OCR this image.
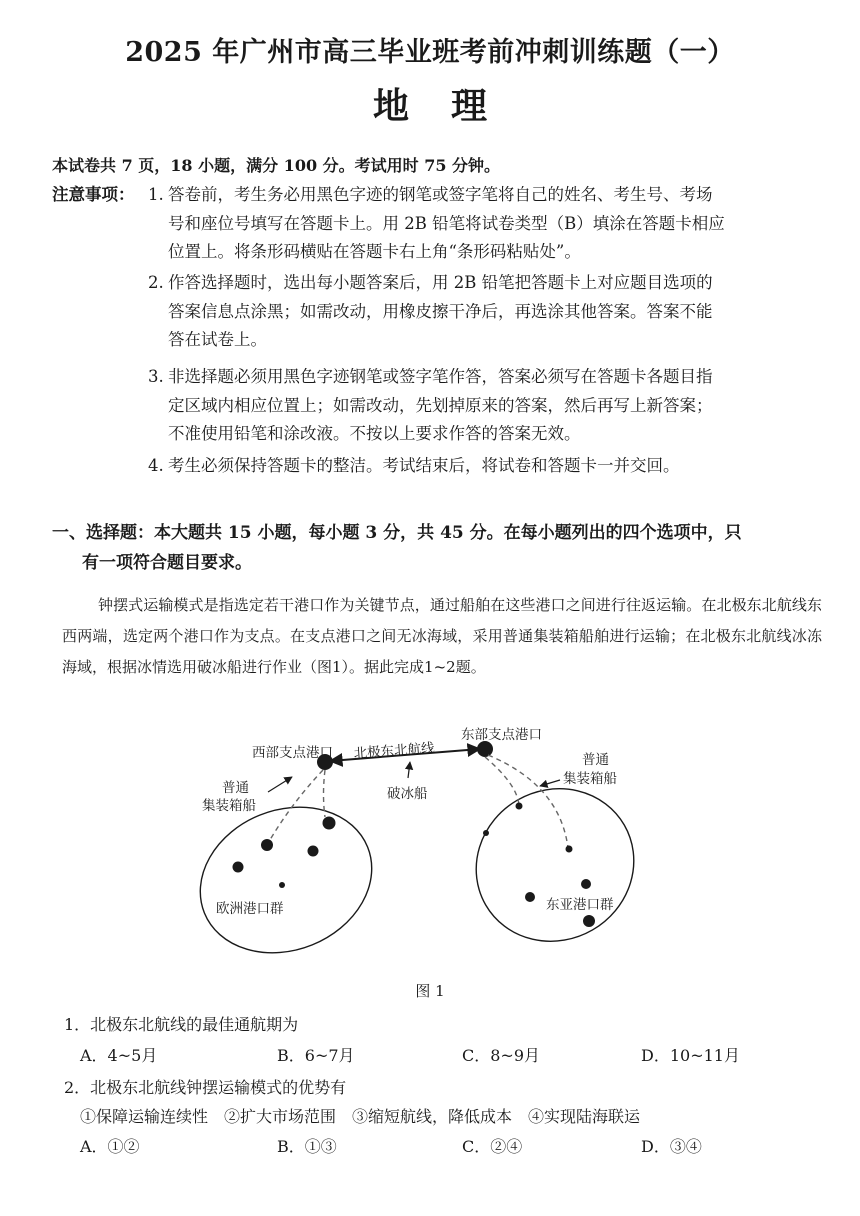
2025 年广州市高三毕业班考前冲刺训练题（一）
地理
本试卷共 7 页，18 小题，满分 100 分。考试用时 75 分钟。
注意事项： 1. 答卷前，考生务必用黑色字迹的钢笔或签字笔将自己的姓名、考生号、考场
号和座位号填写在答题卡上。用 2B 铅笔将试卷类型（B）填涂在答题卡相应
位置上。将条形码横贴在答题卡右上角“条形码粘贴处”。
2. 作答选择题时，选出每小题答案后，用 2B 铅笔把答题卡上对应题目选项的
答案信息点涂黑；如需改动，用橡皮擦干净后，再选涂其他答案。答案不能
答在试卷上。
3. 非选择题必须用黑色字迹钢笔或签字笔作答，答案必须写在答题卡各题目指
定区域内相应位置上；如需改动，先划掉原来的答案，然后再写上新答案；
不准使用铅笔和涂改液。不按以上要求作答的答案无效。
4. 考生必须保持答题卡的整洁。考试结束后，将试卷和答题卡一并交回。
一、选择题：本大题共 15 小题，每小题 3 分，共 45 分。在每小题列出的四个选项中，只
有一项符合题目要求。
钟摆式运输模式是指选定若干港口作为关键节点，通过船舶在这些港口之间进行往返运输。在北极东北航线东西两端，选定两个港口作为支点。在支点港口之间无冰海域，采用普通集装箱船舶进行运输；在北极东北航线冰冻海域，根据冰情选用破冰船进行作业（图1）。据此完成1~2题。
西部支点港口
东部支点港口
北极东北航线
破冰船
普通
集装箱船
普通
集装箱船
欧洲港口群	东亚港口群
图 1
1．北极东北航线的最佳通航期为
A．4~5月	B．6~7月	C．8~9月	D．10~11月
2．北极东北航线钟摆运输模式的优势有
①保障运输连续性　②扩大市场范围　③缩短航线，降低成本　④实现陆海联运
A．①②	B．①③	C．②④	D．③④
